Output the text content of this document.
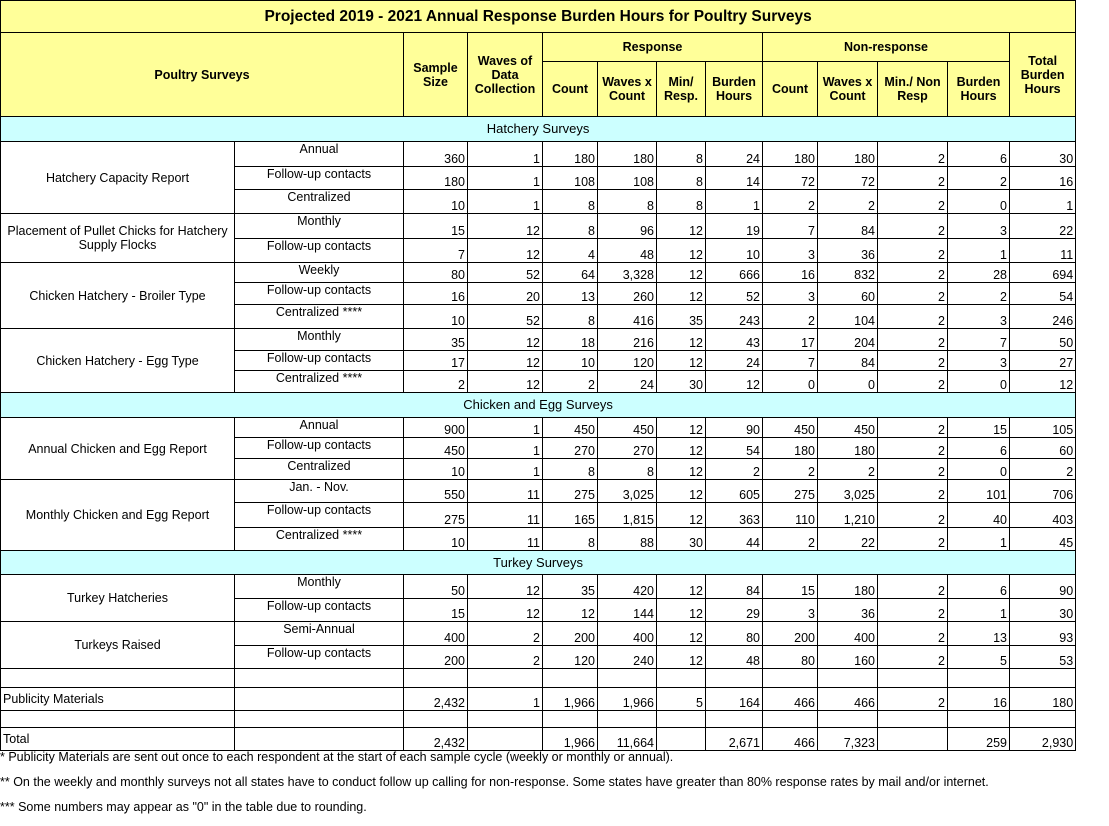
Projected 2019 - 2021 Annual Response Burden Hours for Poultry Surveys												
Poultry Surveys		Sample Size	Waves of Data Collection	Response				Non-response				Total Burden Hours
				Count	Waves x Count	Min/ Resp.	Burden Hours	Count	Waves x Count	Min./ Non Resp	Burden Hours	
Hatchery Surveys												
Hatchery Capacity Report	Annual	360	1	180	180	8	24	180	180	2	6	30
	Follow-up contacts	180	1	108	108	8	14	72	72	2	2	16
	Centralized	10	1	8	8	8	1	2	2	2	0	1
Placement of Pullet Chicks for Hatchery Supply Flocks	Monthly	15	12	8	96	12	19	7	84	2	3	22
	Follow-up contacts	7	12	4	48	12	10	3	36	2	1	11
Chicken Hatchery - Broiler Type	Weekly	80	52	64	3,328	12	666	16	832	2	28	694
	Follow-up contacts	16	20	13	260	12	52	3	60	2	2	54
	Centralized ****	10	52	8	416	35	243	2	104	2	3	246
Chicken Hatchery - Egg Type	Monthly	35	12	18	216	12	43	17	204	2	7	50
	Follow-up contacts	17	12	10	120	12	24	7	84	2	3	27
	Centralized ****	2	12	2	24	30	12	0	0	2	0	12
Chicken and Egg Surveys												
Annual Chicken and Egg Report	Annual	900	1	450	450	12	90	450	450	2	15	105
	Follow-up contacts	450	1	270	270	12	54	180	180	2	6	60
	Centralized	10	1	8	8	12	2	2	2	2	0	2
Monthly Chicken and Egg Report	Jan. - Nov.	550	11	275	3,025	12	605	275	3,025	2	101	706
	Follow-up contacts	275	11	165	1,815	12	363	110	1,210	2	40	403
	Centralized ****	10	11	8	88	30	44	2	22	2	1	45
Turkey Surveys												
Turkey Hatcheries	Monthly	50	12	35	420	12	84	15	180	2	6	90
	Follow-up contacts	15	12	12	144	12	29	3	36	2	1	30
Turkeys Raised	Semi-Annual	400	2	200	400	12	80	200	400	2	13	93
	Follow-up contacts	200	2	120	240	12	48	80	160	2	5	53

Publicity Materials		2,432	1	1,966	1,966	5	164	466	466	2	16	180

Total		2,432		1,966	11,664		2,671	466	7,323		259	2,930
* Publicity Materials are sent out once to each respondent at the start of each sample cycle (weekly or monthly or annual).
** On the weekly and monthly surveys not all states have to conduct follow up calling for non-response. Some states have greater than 80% response rates by mail and/or internet.
*** Some numbers may appear as "0" in the table due to rounding.
